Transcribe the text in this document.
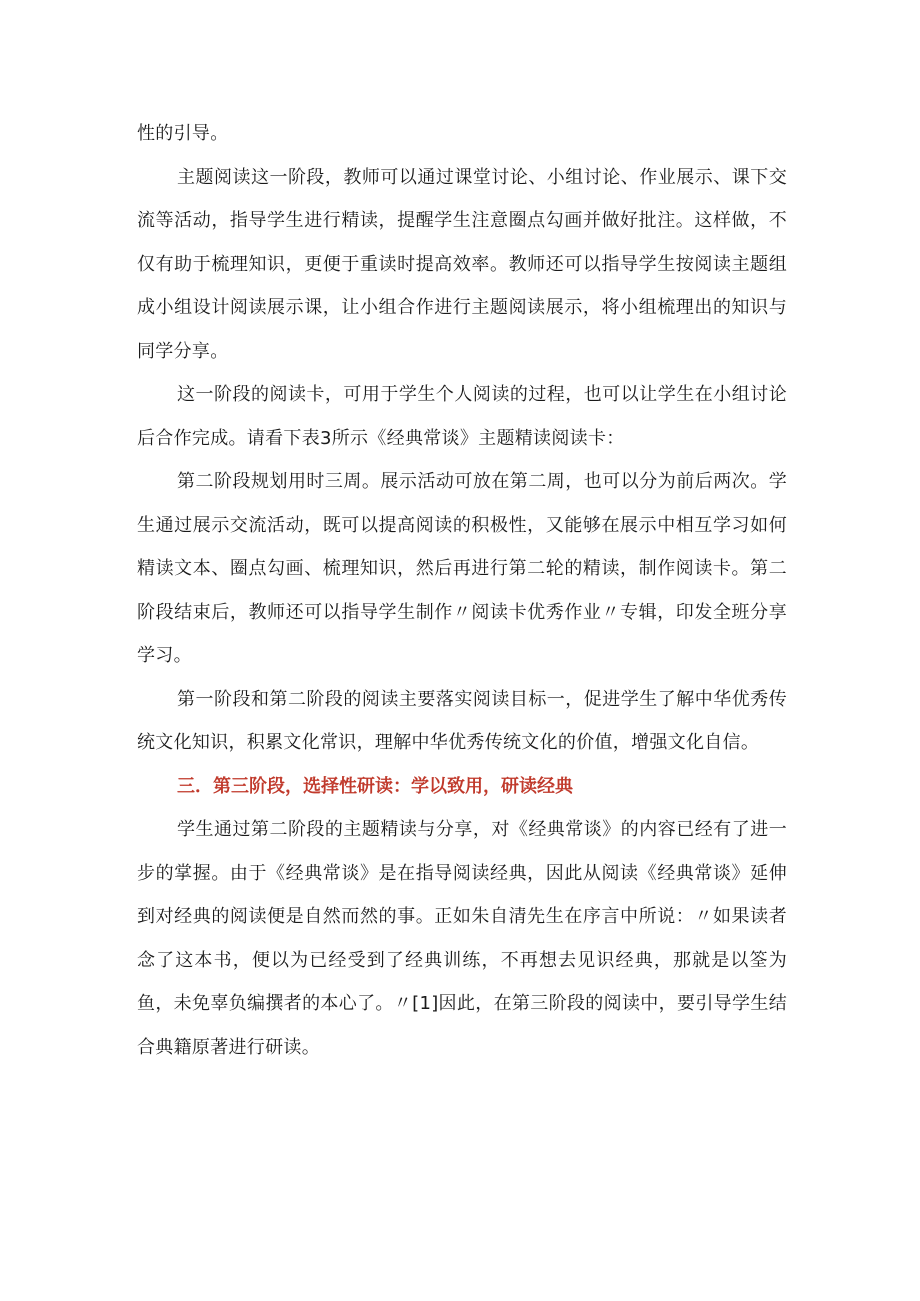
性的引导。

主题阅读这一阶段，教师可以通过课堂讨论、小组讨论、作业展示、课下交流等活动，指导学生进行精读，提醒学生注意圈点勾画并做好批注。这样做，不仅有助于梳理知识，更便于重读时提高效率。教师还可以指导学生按阅读主题组成小组设计阅读展示课，让小组合作进行主题阅读展示，将小组梳理出的知识与同学分享。

这一阶段的阅读卡，可用于学生个人阅读的过程，也可以让学生在小组讨论后合作完成。请看下表3所示《经典常谈》主题精读阅读卡：

第二阶段规划用时三周。展示活动可放在第二周，也可以分为前后两次。学生通过展示交流活动，既可以提高阅读的积极性，又能够在展示中相互学习如何精读文本、圈点勾画、梳理知识，然后再进行第二轮的精读，制作阅读卡。第二阶段结束后，教师还可以指导学生制作〃阅读卡优秀作业〃专辑，印发全班分享学习。

第一阶段和第二阶段的阅读主要落实阅读目标一，促进学生了解中华优秀传统文化知识，积累文化常识，理解中华优秀传统文化的价值，增强文化自信。

三．第三阶段，选择性研读：学以致用，研读经典

学生通过第二阶段的主题精读与分享，对《经典常谈》的内容已经有了进一步的掌握。由于《经典常谈》是在指导阅读经典，因此从阅读《经典常谈》延伸到对经典的阅读便是自然而然的事。正如朱自清先生在序言中所说：〃如果读者念了这本书，便以为已经受到了经典训练，不再想去见识经典，那就是以筌为鱼，未免辜负编撰者的本心了。〃[1]因此，在第三阶段的阅读中，要引导学生结合典籍原著进行研读。
